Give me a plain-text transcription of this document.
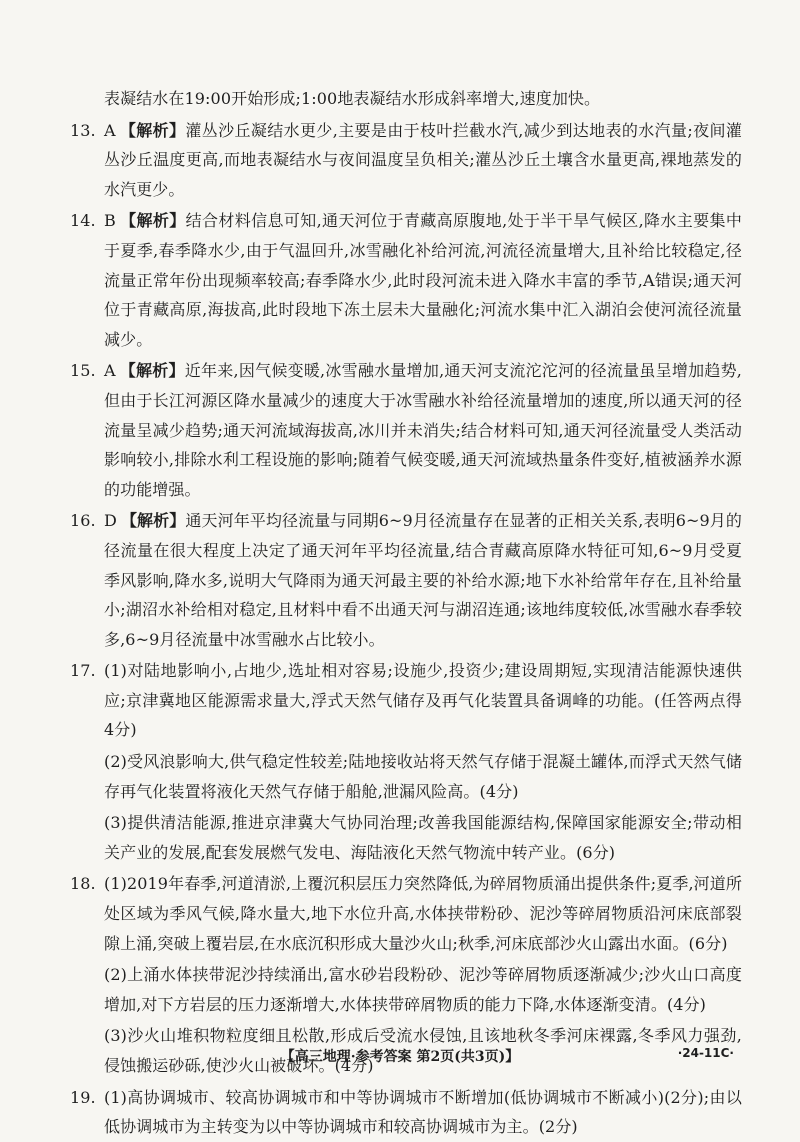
表凝结水在19:00开始形成;1:00地表凝结水形成斜率增大,速度加快。

13. A 【解析】灌丛沙丘凝结水更少,主要是由于枝叶拦截水汽,减少到达地表的水汽量;夜间灌丛沙丘温度更高,而地表凝结水与夜间温度呈负相关;灌丛沙丘土壤含水量更高,裸地蒸发的水汽更少。
14. B 【解析】结合材料信息可知,通天河位于青藏高原腹地,处于半干旱气候区,降水主要集中于夏季,春季降水少,由于气温回升,冰雪融化补给河流,河流径流量增大,且补给比较稳定,径流量正常年份出现频率较高;春季降水少,此时段河流未进入降水丰富的季节,A错误;通天河位于青藏高原,海拔高,此时段地下冻土层未大量融化;河流水集中汇入湖泊会使河流径流量减少。
15. A 【解析】近年来,因气候变暖,冰雪融水量增加,通天河支流沱沱河的径流量虽呈增加趋势,但由于长江河源区降水量减少的速度大于冰雪融水补给径流量增加的速度,所以通天河的径流量呈减少趋势;通天河流域海拔高,冰川并未消失;结合材料可知,通天河径流量受人类活动影响较小,排除水利工程设施的影响;随着气候变暖,通天河流域热量条件变好,植被涵养水源的功能增强。
16. D 【解析】通天河年平均径流量与同期6~9月径流量存在显著的正相关关系,表明6~9月的径流量在很大程度上决定了通天河年平均径流量,结合青藏高原降水特征可知,6~9月受夏季风影响,降水多,说明大气降雨为通天河最主要的补给水源;地下水补给常年存在,且补给量小;湖沼水补给相对稳定,且材料中看不出通天河与湖沼连通;该地纬度较低,冰雪融水春季较多,6~9月径流量中冰雪融水占比较小。
17. (1)对陆地影响小,占地少,选址相对容易;设施少,投资少;建设周期短,实现清洁能源快速供应;京津冀地区能源需求量大,浮式天然气储存及再气化装置具备调峰的功能。(任答两点得4分)

(2)受风浪影响大,供气稳定性较差;陆地接收站将天然气存储于混凝土罐体,而浮式天然气储存再气化装置将液化天然气存储于船舱,泄漏风险高。(4分)

(3)提供清洁能源,推进京津冀大气协同治理;改善我国能源结构,保障国家能源安全;带动相关产业的发展,配套发展燃气发电、海陆液化天然气物流中转产业。(6分)

18. (1)2019年春季,河道清淤,上覆沉积层压力突然降低,为碎屑物质涌出提供条件;夏季,河道所处区域为季风气候,降水量大,地下水位升高,水体挟带粉砂、泥沙等碎屑物质沿河床底部裂隙上涌,突破上覆岩层,在水底沉积形成大量沙火山;秋季,河床底部沙火山露出水面。(6分)

(2)上涌水体挟带泥沙持续涌出,富水砂岩段粉砂、泥沙等碎屑物质逐渐减少;沙火山口高度增加,对下方岩层的压力逐渐增大,水体挟带碎屑物质的能力下降,水体逐渐变清。(4分)

(3)沙火山堆积物粒度细且松散,形成后受流水侵蚀,且该地秋冬季河床裸露,冬季风力强劲,侵蚀搬运砂砾,使沙火山被破坏。(4分)

19. (1)高协调城市、较高协调城市和中等协调城市不断增加(低协调城市不断减小)(2分);由以低协调城市为主转变为以中等协调城市和较高协调城市为主。(2分)

【高三地理·参考答案 第2页(共3页)】	·24-11C·
